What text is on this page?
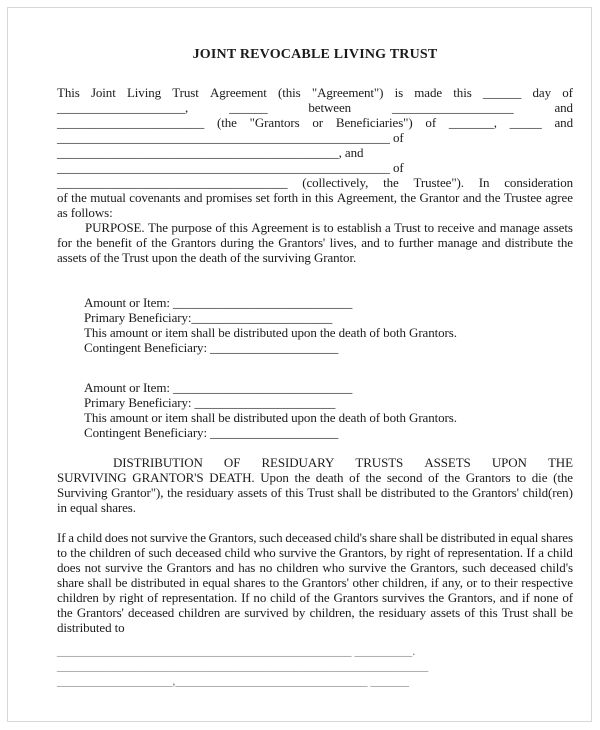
JOINT REVOCABLE LIVING TRUST
This Joint Living Trust Agreement (this "Agreement") is made this ______ day of
____________________,	______	between	___________________	and
_______________________ (the "Grantors or Beneficiaries") of _______, _____ and
____________________________________________________ of
____________________________________________, and
____________________________________________________ of
____________________________________ (collectively, the Trustee"). In consideration
of the mutual covenants and promises set forth in this Agreement, the Grantor and the Trustee agree
as follows:
PURPOSE. The purpose of this Agreement is to establish a Trust to receive and manage assets
for the benefit of the Grantors during the Grantors' lives, and to further manage and distribute the
assets of the Trust upon the death of the surviving Grantor.
Amount or Item: ____________________________
Primary Beneficiary:______________________
This amount or item shall be distributed upon the death of both Grantors.
Contingent Beneficiary: ____________________
Amount or Item: ____________________________
Primary Beneficiary: ______________________
This amount or item shall be distributed upon the death of both Grantors.
Contingent Beneficiary: ____________________
DISTRIBUTION OF RESIDUARY TRUSTS ASSETS UPON THE
SURVIVING GRANTOR'S DEATH. Upon the death of the second of the Grantors to die (the
Surviving Grantor"), the residuary assets of this Trust shall be distributed to the Grantors' child(ren)
in equal shares.
If a child does not survive the Grantors, such deceased child's share shall be distributed in equal shares
to the children of such deceased child who survive the Grantors, by right of representation. If a child
does not survive the Grantors and has no children who survive the Grantors, such deceased child's
share shall be distributed in equal shares to the Grantors' other children, if any, or to their respective
children by right of representation. If no child of the Grantors survives the Grantors, and if none of
the Grantors' deceased children are survived by children, the residuary assets of this Trust shall be
distributed to
______________________________________________ _________.
__________________________________________________________
__________________,______________________________ ______
